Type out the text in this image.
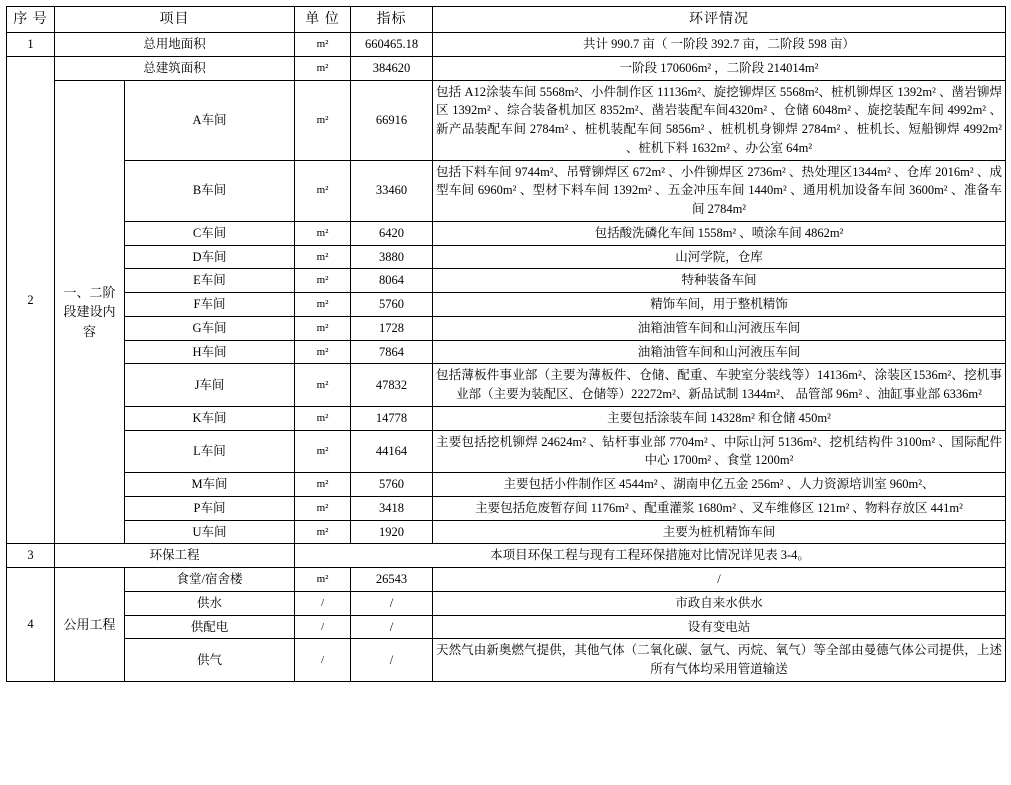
序 号	项目		单 位	指标	环评情况
1	总用地面积		m²	660465.18	共计 990.7 亩（ 一阶段 392.7 亩，二阶段 598 亩）
2	总建筑面积		m²	384620	一阶段 170606m² ，二阶段 214014m²
	一、二阶段建设内容	A车间	m²	66916	包括 A12涂装车间 5568m²、小件制作区 11136m²、旋挖铆焊区 5568m²、桩机铆焊区 1392m² 、凿岩铆焊区 1392m² 、综合装备机加区 8352m²、凿岩装配车间4320m² 、仓储 6048m² 、旋挖装配车间 4992m² 、新产品装配车间 2784m² 、桩机装配车间 5856m² 、桩机机身铆焊 2784m² 、桩机长、短船铆焊 4992m² 、桩机下料 1632m² 、办公室 64m²
		B车间	m²	33460	包括下料车间 9744m²、吊臂铆焊区 672m² 、小件铆焊区 2736m² 、热处理区1344m² 、仓库 2016m² 、成型车间 6960m² 、型材下料车间 1392m² 、五金冲压车间 1440m² 、通用机加设备车间 3600m² 、准备车间 2784m²
		C车间	m²	6420	包括酸洗磷化车间 1558m² 、喷涂车间 4862m²
		D车间	m²	3880	山河学院，仓库
		E车间	m²	8064	特种装备车间
		F车间	m²	5760	精饰车间，用于整机精饰
		G车间	m²	1728	油箱油管车间和山河液压车间
		H车间	m²	7864	油箱油管车间和山河液压车间
		J车间	m²	47832	包括薄板件事业部（主要为薄板件、仓储、配重、车驶室分装线等）14136m²、涂装区1536m²、挖机事业部（主要为装配区、仓储等）22272m²、新品试制 1344m²、 品管部 96m² 、油缸事业部 6336m²
		K车间	m²	14778	主要包括涂装车间 14328m² 和仓储 450m²
		L车间	m²	44164	主要包括挖机铆焊 24624m² 、钻杆事业部 7704m² 、中际山河 5136m²、挖机结构件 3100m² 、国际配件中心 1700m² 、食堂 1200m²
		M车间	m²	5760	主要包括小件制作区 4544m² 、湖南申亿五金 256m² 、人力资源培训室 960m²、
		P车间	m²	3418	主要包括危废暂存间 1176m² 、配重灌浆 1680m² 、叉车维修区 121m² 、物料存放区 441m²
		U车间	m²	1920	主要为桩机精饰车间
3	环保工程		本项目环保工程与现有工程环保措施对比情况详见表 3-4。		
4	公用工程	食堂/宿舍楼	m²	26543	/
		供水	/	/	市政自来水供水
		供配电	/	/	设有变电站
		供气	/	/	天然气由新奥燃气提供，其他气体（二氧化碳、氩气、丙烷、氧气）等全部由曼德气体公司提供，上述所有气体均采用管道输送
